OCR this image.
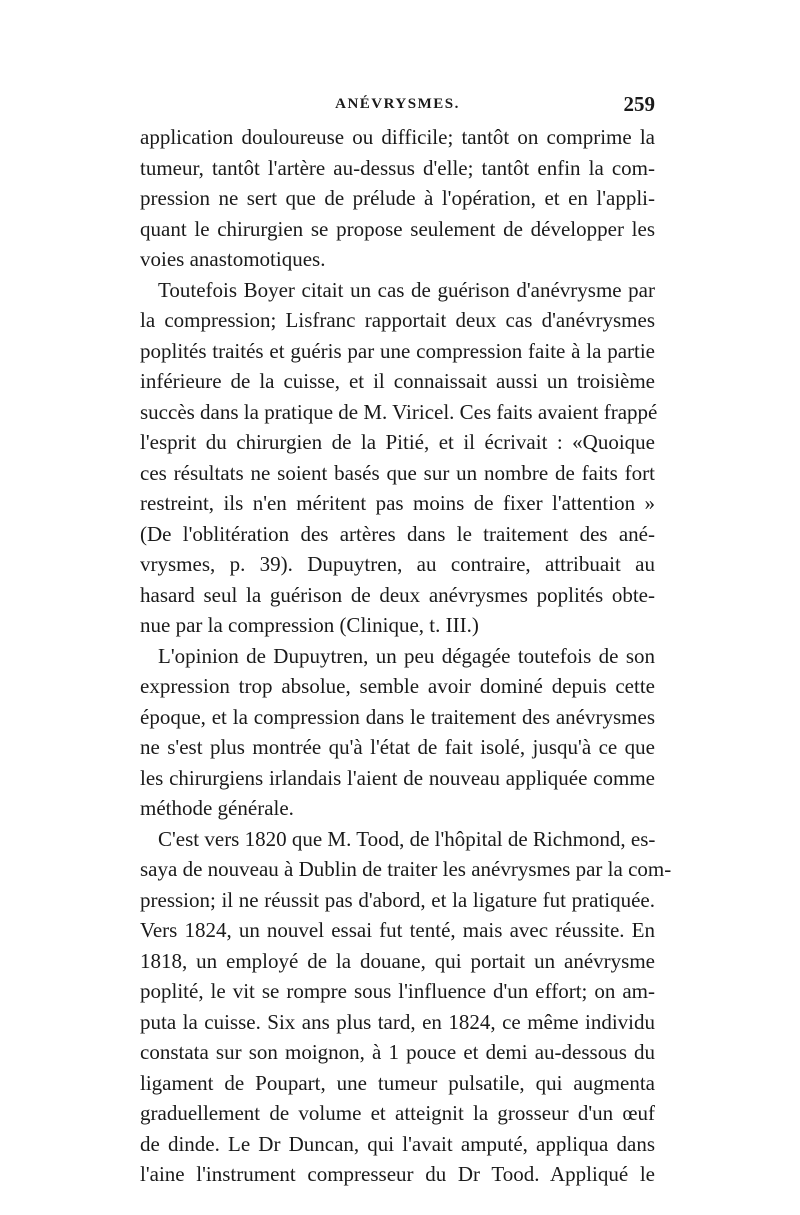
ANÉVRYSMES.	259
application douloureuse ou difficile; tantôt on comprime la
tumeur, tantôt l'artère au-dessus d'elle; tantôt enfin la com-
pression ne sert que de prélude à l'opération, et en l'appli-
quant le chirurgien se propose seulement de développer les
voies anastomotiques.
Toutefois Boyer citait un cas de guérison d'anévrysme par
la compression; Lisfranc rapportait deux cas d'anévrysmes
poplités traités et guéris par une compression faite à la partie
inférieure de la cuisse, et il connaissait aussi un troisième
succès dans la pratique de M. Viricel. Ces faits avaient frappé
l'esprit du chirurgien de la Pitié, et il écrivait : «Quoique
ces résultats ne soient basés que sur un nombre de faits fort
restreint, ils n'en méritent pas moins de fixer l'attention »
(De l'oblitération des artères dans le traitement des ané-
vrysmes, p. 39). Dupuytren, au contraire, attribuait au
hasard seul la guérison de deux anévrysmes poplités obte-
nue par la compression (Clinique, t. III.)
L'opinion de Dupuytren, un peu dégagée toutefois de son
expression trop absolue, semble avoir dominé depuis cette
époque, et la compression dans le traitement des anévrysmes
ne s'est plus montrée qu'à l'état de fait isolé, jusqu'à ce que
les chirurgiens irlandais l'aient de nouveau appliquée comme
méthode générale.
C'est vers 1820 que M. Tood, de l'hôpital de Richmond, es-
saya de nouveau à Dublin de traiter les anévrysmes par la com-
pression; il ne réussit pas d'abord, et la ligature fut pratiquée.
Vers 1824, un nouvel essai fut tenté, mais avec réussite. En
1818, un employé de la douane, qui portait un anévrysme
poplité, le vit se rompre sous l'influence d'un effort; on am-
puta la cuisse. Six ans plus tard, en 1824, ce même individu
constata sur son moignon, à 1 pouce et demi au-dessous du
ligament de Poupart, une tumeur pulsatile, qui augmenta
graduellement de volume et atteignit la grosseur d'un œuf
de dinde. Le Dr Duncan, qui l'avait amputé, appliqua dans
l'aine l'instrument compresseur du Dr Tood. Appliqué le
